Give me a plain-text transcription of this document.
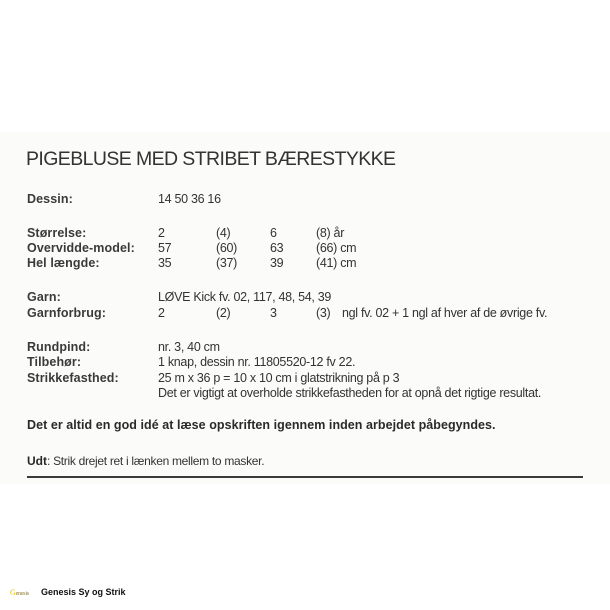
PIGEBLUSE MED STRIBET BÆRESTYKKE
Dessin:	14 50 36 16
Størrelse:	2	(4)	6	(8) år
Overvidde-model: 57	(60)	63	(66) cm
Hel længde:	35	(37)	39	(41) cm
Garn:	LØVE Kick fv. 02, 117, 48, 54, 39
Garnforbrug:	2	(2)	3	(3) ngl fv. 02 + 1 ngl af hver af de øvrige fv.
Rundpind:	nr. 3, 40 cm
Tilbehør:	1 knap, dessin nr. 11805520-12 fv 22.
Strikkefasthed:	25 m x 36 p = 10 x 10 cm i glatstrikning på p 3
Det er vigtigt at overholde strikkefastheden for at opnå det rigtige resultat.
Det er altid en god idé at læse opskriften igennem inden arbejdet påbegyndes.
Udt: Strik drejet ret i lænken mellem to masker.
Genesis	Genesis Sy og Strik
